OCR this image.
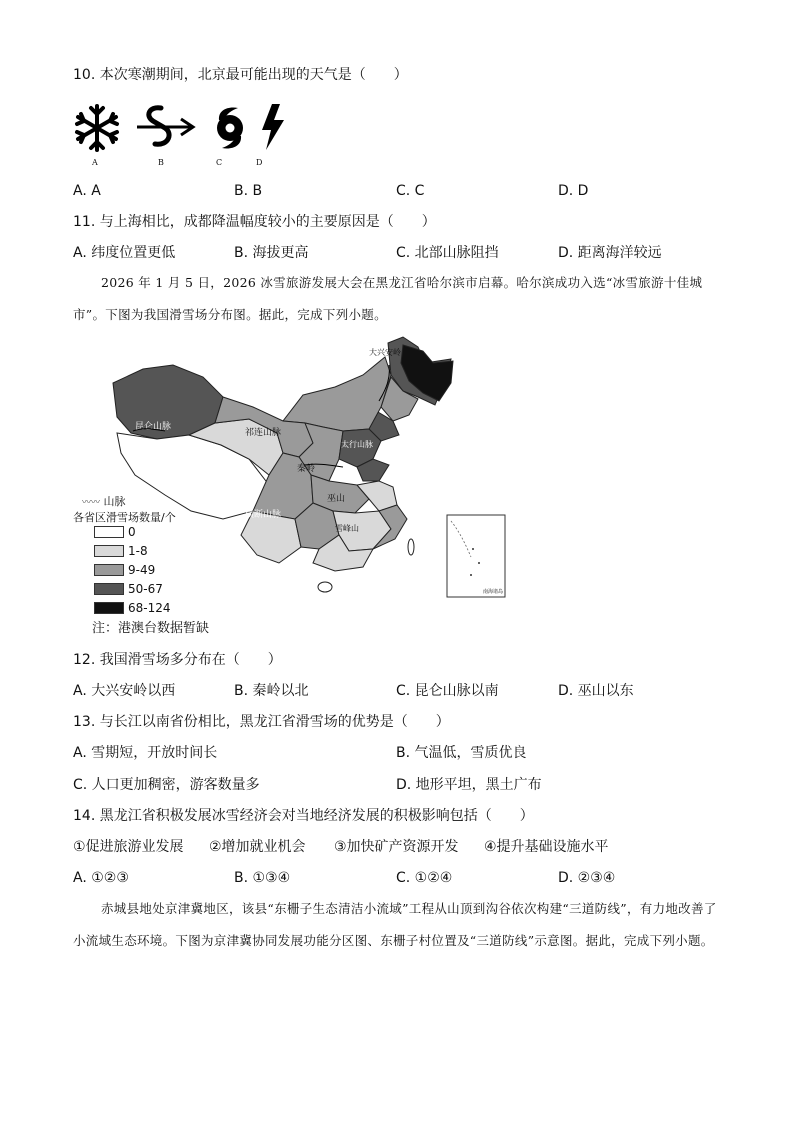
10. 本次寒潮期间，北京最可能出现的天气是（　　）
A	B	C	D
A. A	B. B	C. C	D. D
11. 与上海相比，成都降温幅度较小的主要原因是（　　）
A. 纬度位置更低	B. 海拔更高	C. 北部山脉阻挡	D. 距离海洋较远
2026 年 1 月 5 日，2026 冰雪旅游发展大会在黑龙江省哈尔滨市启幕。哈尔滨成功入选“冰雪旅游十佳城市”。下图为我国滑雪场分布图。据此，完成下列小题。
昆仑山脉
横断山脉
祁连山脉
太行山脉
秦岭
巫山
雪峰山
大兴安岭
南海诸岛
〰〰 山脉
各省区滑雪场数量/个
0
1-8
9-49
50-67
68-124
注：港澳台数据暂缺
12. 我国滑雪场多分布在（　　）
A. 大兴安岭以西	B. 秦岭以北	C. 昆仑山脉以南	D. 巫山以东
13. 与长江以南省份相比，黑龙江省滑雪场的优势是（　　）
A. 雪期短，开放时间长	B. 气温低，雪质优良
C. 人口更加稠密，游客数量多	D. 地形平坦，黑土广布
14. 黑龙江省积极发展冰雪经济会对当地经济发展的积极影响包括（　　）
①促进旅游业发展 ②增加就业机会 ③加快矿产资源开发 ④提升基础设施水平
A. ①②③	B. ①③④	C. ①②④	D. ②③④
赤城县地处京津冀地区，该县“东栅子生态清洁小流域”工程从山顶到沟谷依次构建“三道防线”，有力地改善了小流域生态环境。下图为京津冀协同发展功能分区图、东栅子村位置及“三道防线”示意图。据此，完成下列小题。
